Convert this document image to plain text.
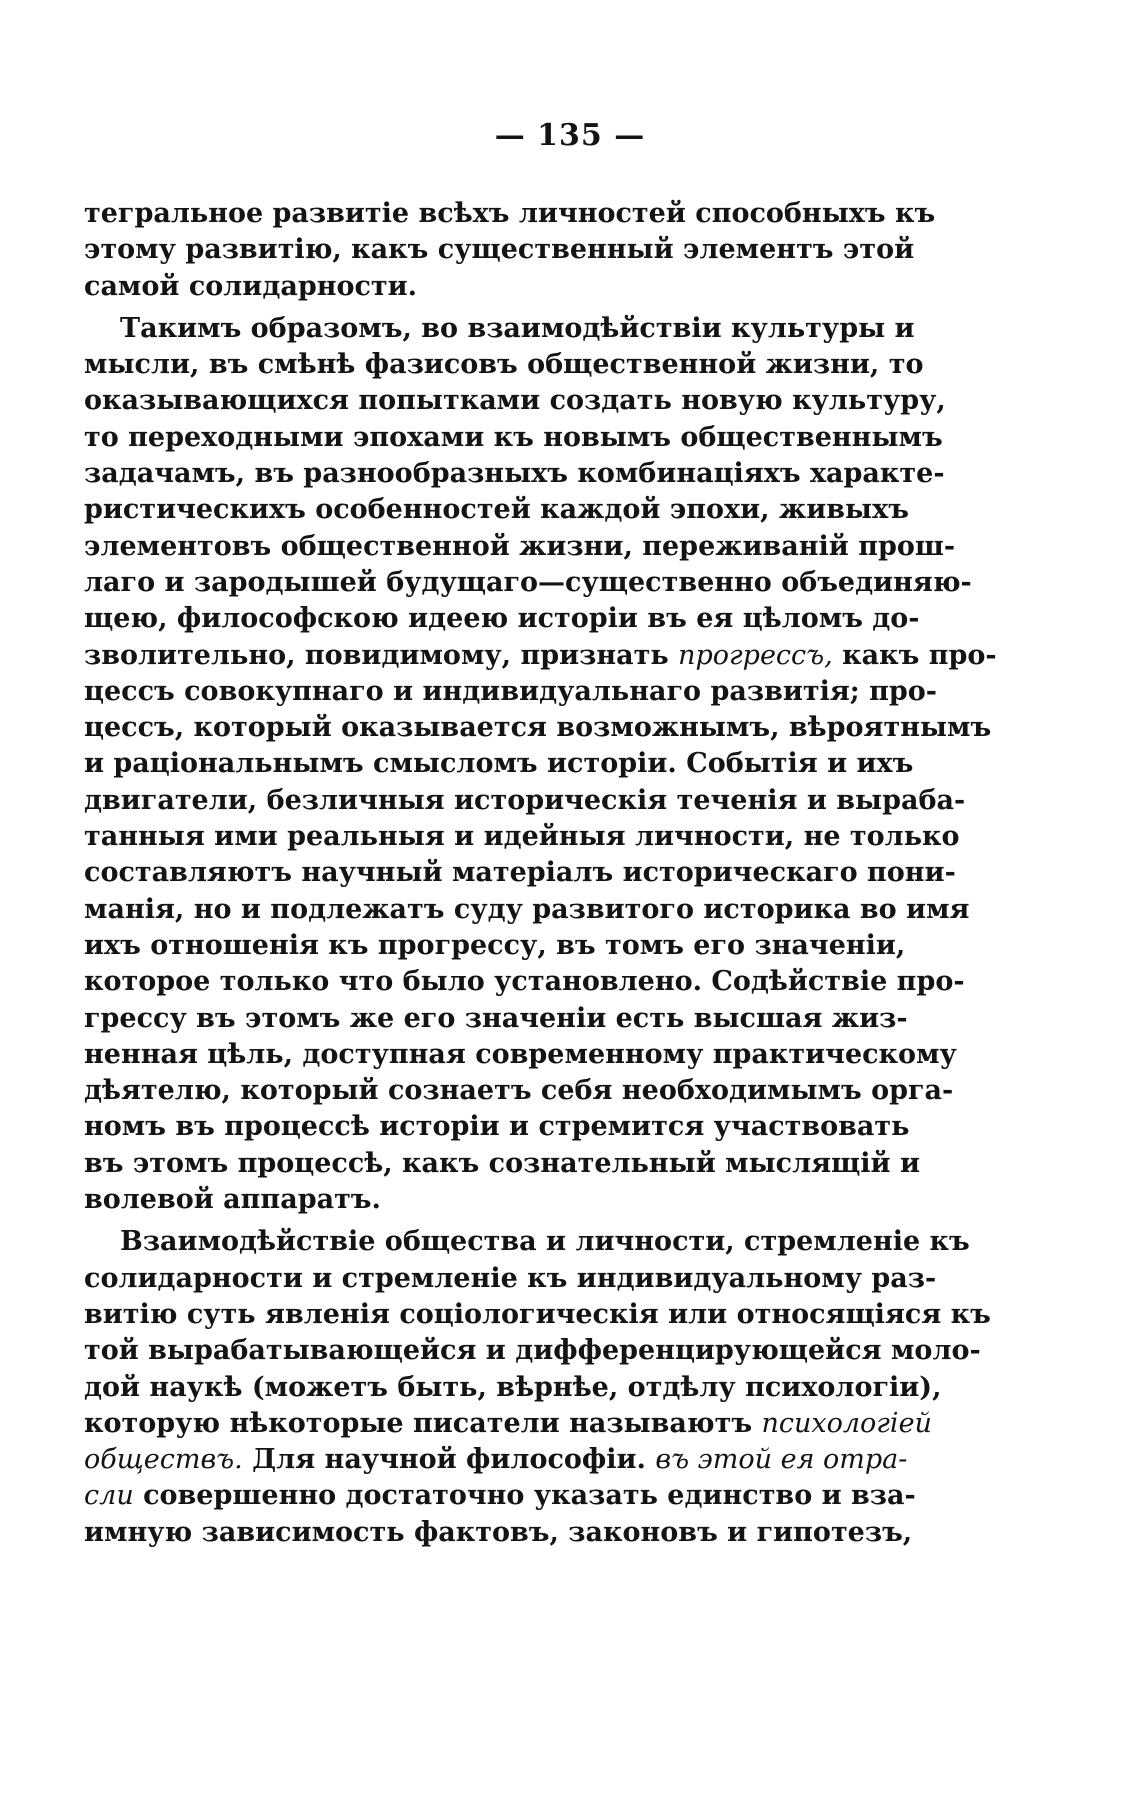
— 135 —
тегральное развитіе всѣхъ личностей способныхъ къ
этому развитію, какъ существенный элементъ этой
самой солидарности.
Такимъ образомъ, во взаимодѣйствіи культуры и
мысли, въ смѣнѣ фазисовъ общественной жизни, то
оказывающихся попытками создать новую культуру,
то переходными эпохами къ новымъ общественнымъ
задачамъ, въ разнообразныхъ комбинаціяхъ характе-
ристическихъ особенностей каждой эпохи, живыхъ
элементовъ общественной жизни, переживаній прош-
лаго и зародышей будущаго—существенно объединяю-
щею, философскою идеею исторіи въ ея цѣломъ до-
зволительно, повидимому, признать прогрессъ, какъ про-
цессъ совокупнаго и индивидуальнаго развитія; про-
цессъ, который оказывается возможнымъ, вѣроятнымъ
и раціональнымъ смысломъ исторіи. Событія и ихъ
двигатели, безличныя историческія теченія и выраба-
танныя ими реальныя и идейныя личности, не только
составляютъ научный матеріалъ историческаго пони-
манія, но и подлежатъ суду развитого историка во имя
ихъ отношенія къ прогрессу, въ томъ его значеніи,
которое только что было установлено. Содѣйствіе про-
грессу въ этомъ же его значеніи есть высшая жиз-
ненная цѣль, доступная современному практическому
дѣятелю, который сознаетъ себя необходимымъ орга-
номъ въ процессѣ исторіи и стремится участвовать
въ этомъ процессѣ, какъ сознательный мыслящій и
волевой аппаратъ.
Взаимодѣйствіе общества и личности, стремленіе къ
солидарности и стремленіе къ индивидуальному раз-
витію суть явленія соціологическія или относящіяся къ
той вырабатывающейся и дифференцирующейся моло-
дой наукѣ (можетъ быть, вѣрнѣе, отдѣлу психологіи),
которую нѣкоторые писатели называютъ психологіей
обществъ. Для научной философіи. въ этой ея отра-
сли совершенно достаточно указать единство и вза-
имную зависимость фактовъ, законовъ и гипотезъ,
